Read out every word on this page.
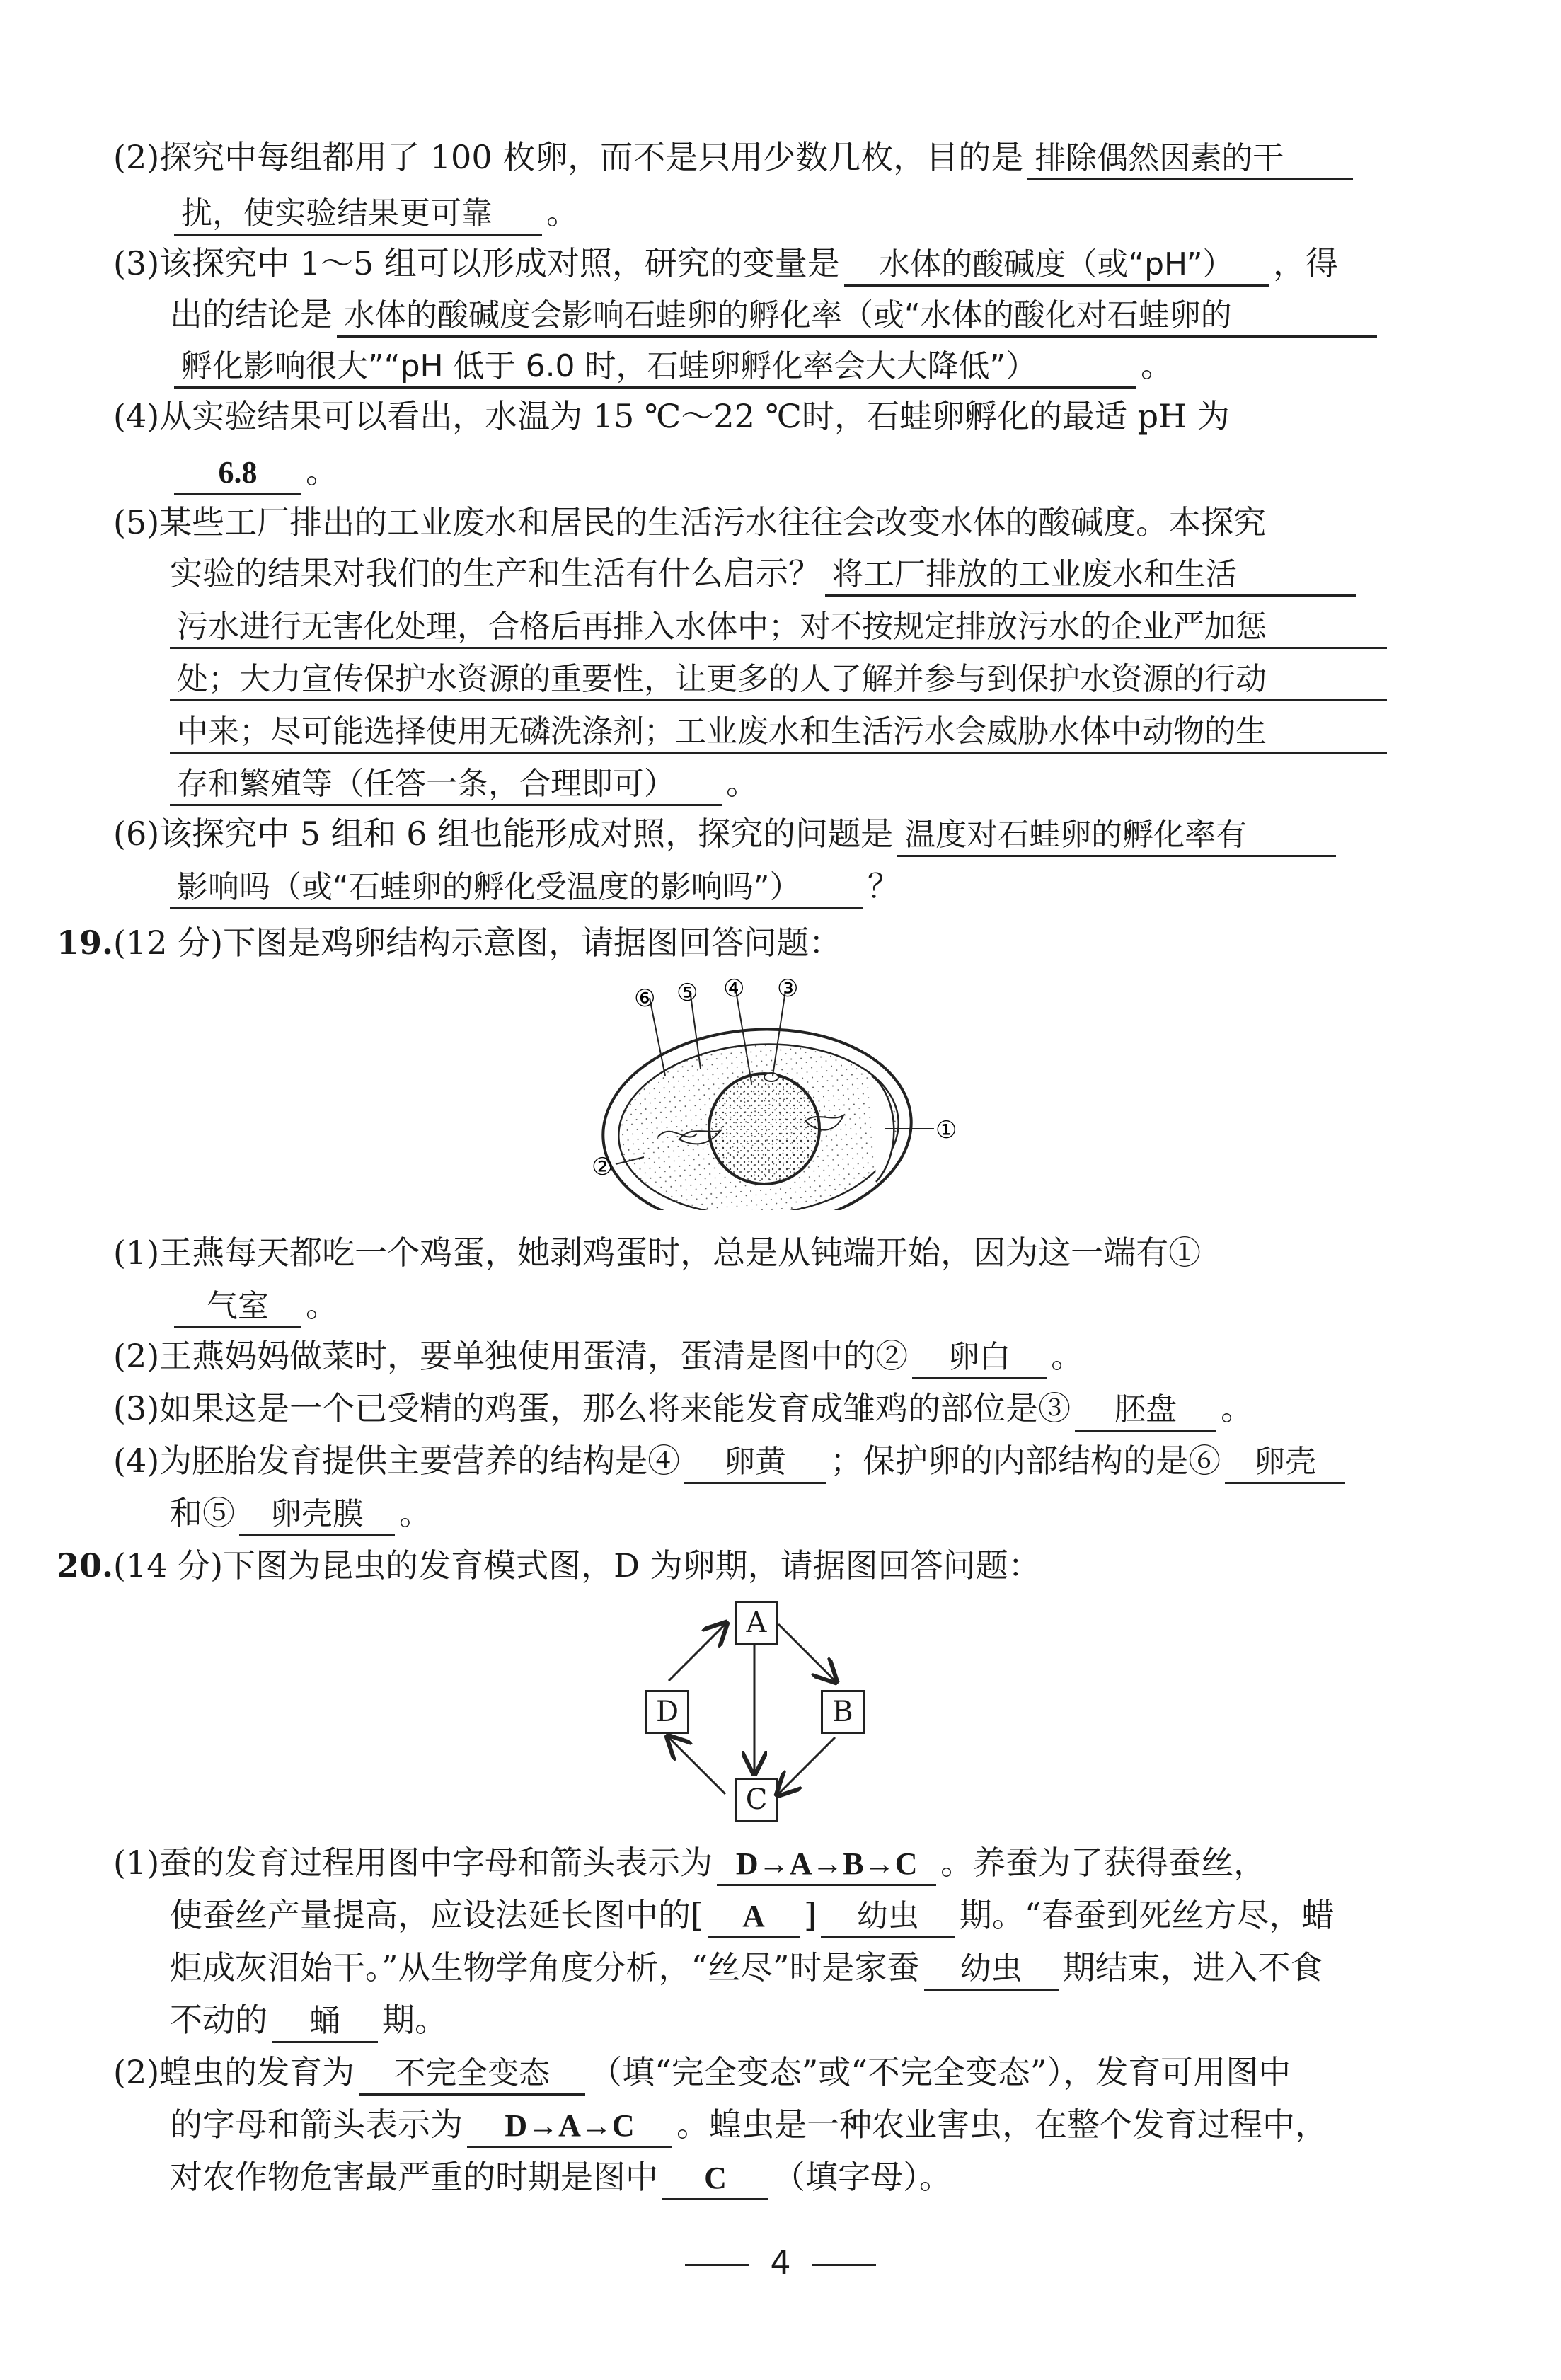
(2)探究中每组都用了 100 枚卵，而不是只用少数几枚，目的是 排除偶然因素的干
扰，使实验结果更可靠 。
(3)该探究中 1～5 组可以形成对照，研究的变量是 水体的酸碱度（或“pH”） ，得
出的结论是 水体的酸碱度会影响石蛙卵的孵化率（或“水体的酸化对石蛙卵的
孵化影响很大”“pH 低于 6.0 时，石蛙卵孵化率会大大降低”）	。
(4)从实验结果可以看出，水温为 15 ℃～22 ℃时，石蛙卵孵化的最适 pH 为
6.8 。
(5)某些工厂排出的工业废水和居民的生活污水往往会改变水体的酸碱度。本探究
实验的结果对我们的生产和生活有什么启示？ 将工厂排放的工业废水和生活
污水进行无害化处理，合格后再排入水体中；对不按规定排放污水的企业严加惩
处；大力宣传保护水资源的重要性，让更多的人了解并参与到保护水资源的行动
中来；尽可能选择使用无磷洗涤剂；工业废水和生活污水会威胁水体中动物的生
存和繁殖等（任答一条，合理即可） 。
(6)该探究中 5 组和 6 组也能形成对照，探究的问题是 温度对石蛙卵的孵化率有
影响吗（或“石蛙卵的孵化受温度的影响吗”） ？
19.(12 分)下图是鸡卵结构示意图，请据图回答问题：
⑥ ⑤ ④ ③
①
②
(1)王燕每天都吃一个鸡蛋，她剥鸡蛋时，总是从钝端开始，因为这一端有①
气室 。
(2)王燕妈妈做菜时，要单独使用蛋清，蛋清是图中的② 卵白 。
(3)如果这是一个已受精的鸡蛋，那么将来能发育成雏鸡的部位是③ 胚盘 。
(4)为胚胎发育提供主要营养的结构是④ 卵黄 ；保护卵的内部结构的是⑥ 卵壳
和⑤ 卵壳膜 。
20.(14 分)下图为昆虫的发育模式图，D 为卵期，请据图回答问题：
A
B
C
D
(1)蚕的发育过程用图中字母和箭头表示为 D→A→B→C 。养蚕为了获得蚕丝，
使蚕丝产量提高，应设法延长图中的[ A ] 幼虫 期。“春蚕到死丝方尽，蜡
炬成灰泪始干。”从生物学角度分析，“丝尽”时是家蚕 幼虫 期结束，进入不食
不动的 蛹 期。
(2)蝗虫的发育为 不完全变态 （填“完全变态”或“不完全变态”），发育可用图中
的字母和箭头表示为 D→A→C 。蝗虫是一种农业害虫，在整个发育过程中，
对农作物危害最严重的时期是图中 C （填字母）。
4
